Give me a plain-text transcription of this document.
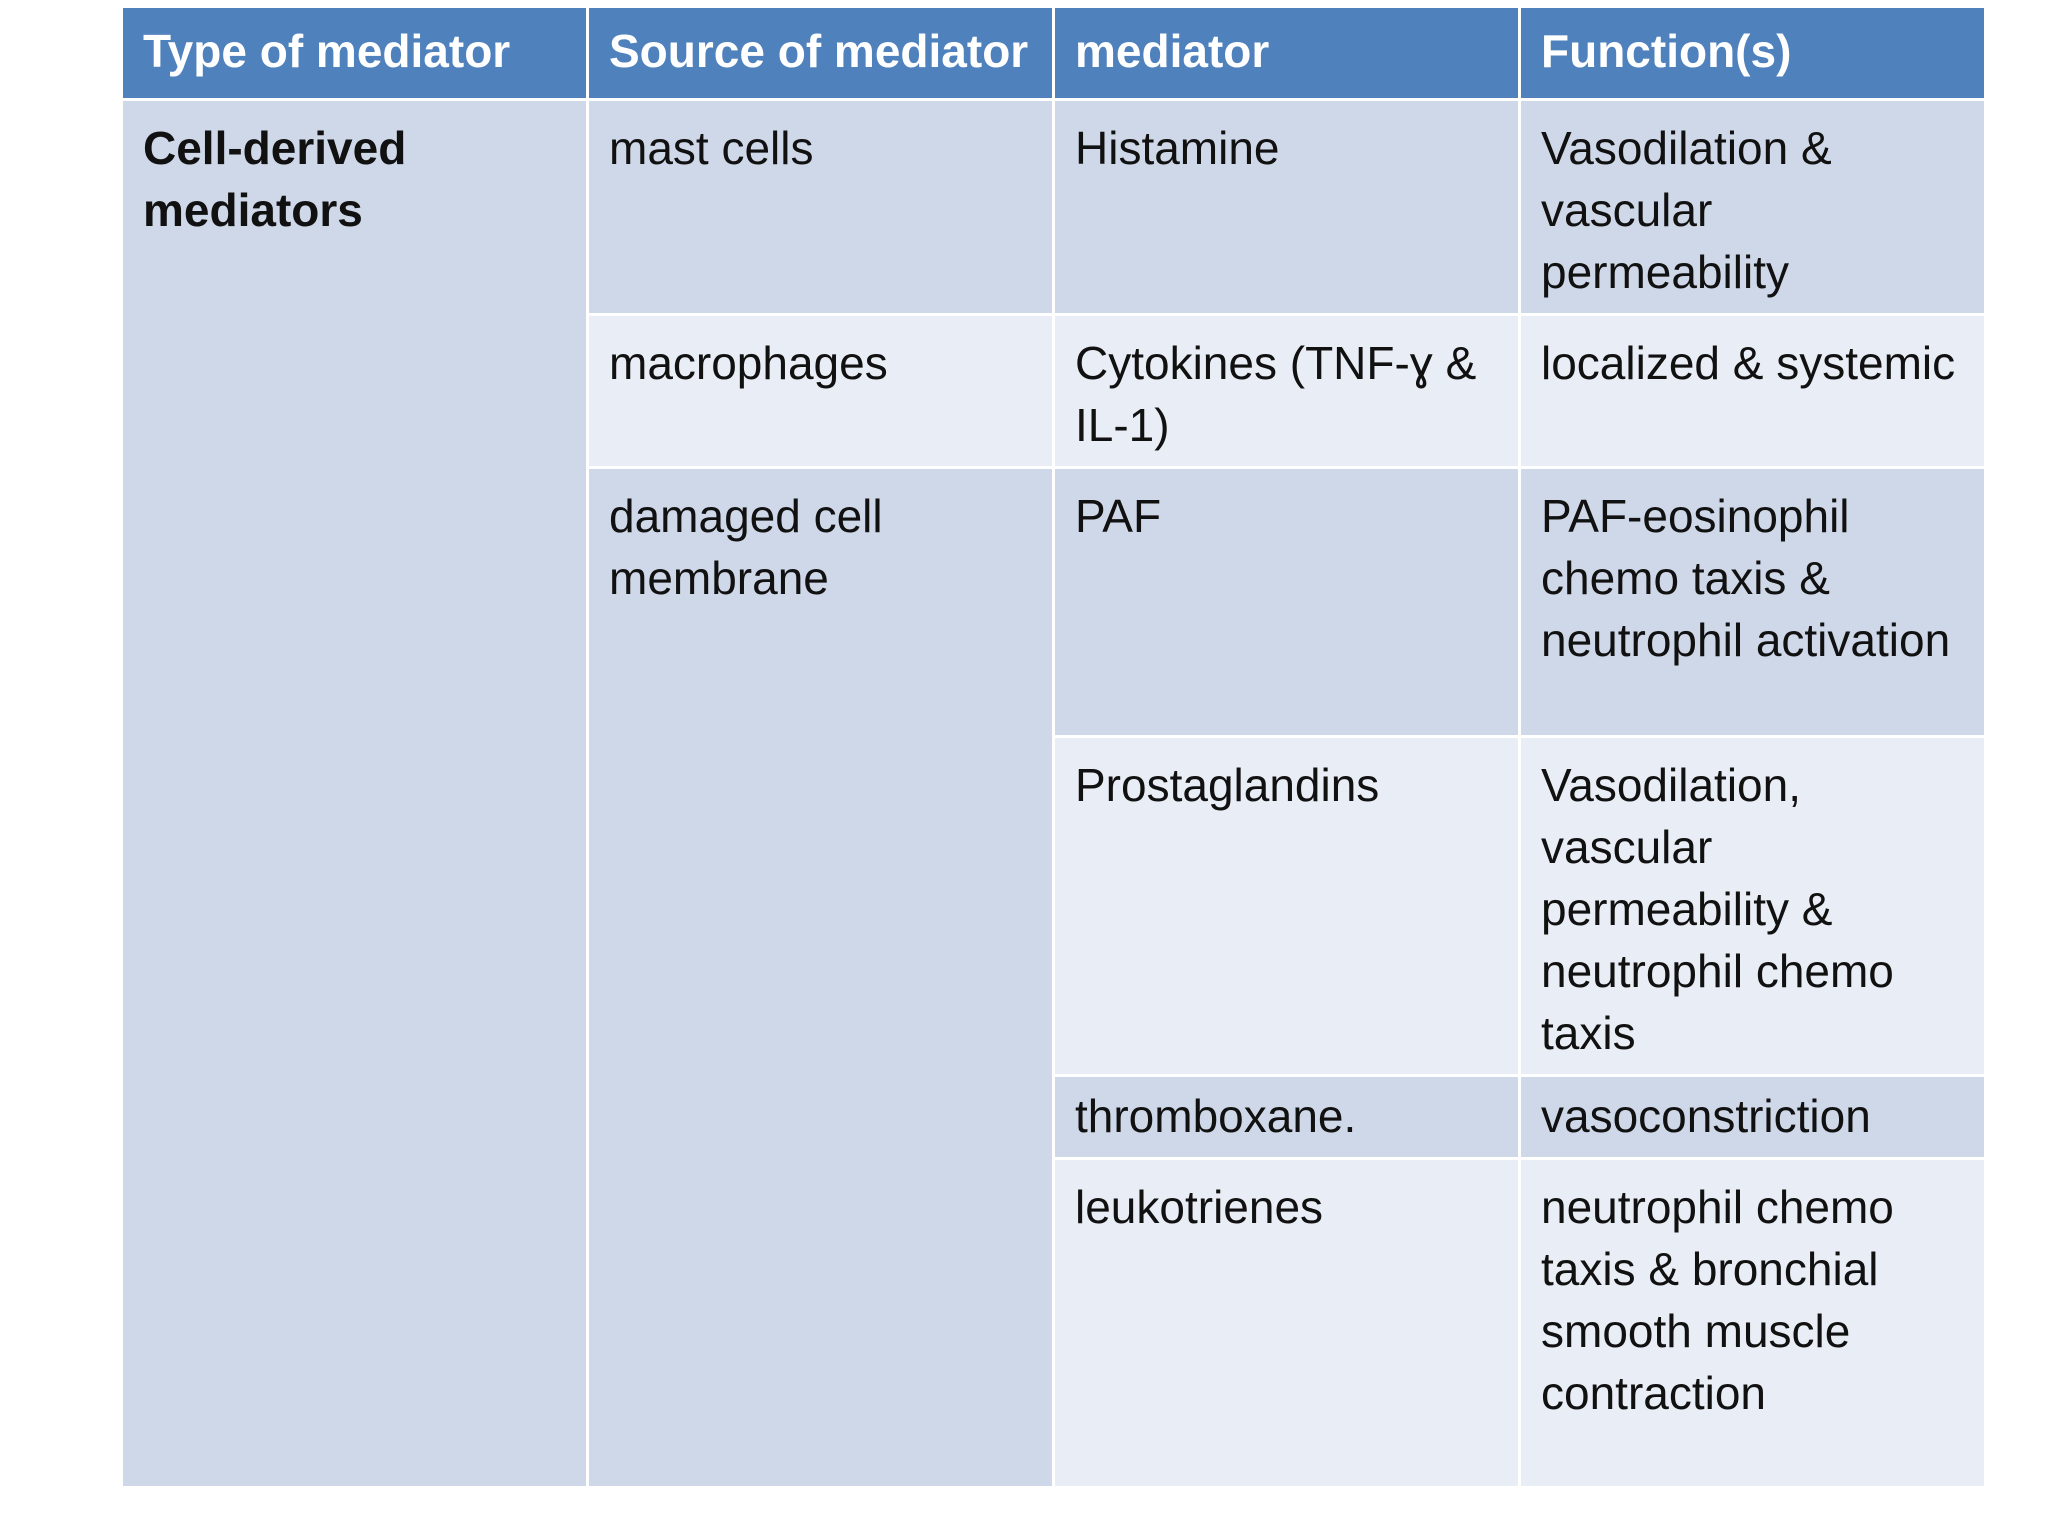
Type of mediator	Source of mediator	mediator	Function(s)
Cell-derived mediators	mast cells	Histamine	Vasodilation & vascular permeability
	macrophages	Cytokines (TNF-ɣ & IL-1)	localized & systemic
	damaged cell membrane	PAF	PAF-eosinophil chemo taxis & neutrophil activation
		Prostaglandins	Vasodilation, vascular permeability & neutrophil chemo taxis
		thromboxane.	vasoconstriction
		leukotrienes	neutrophil chemo taxis & bronchial smooth muscle contraction
